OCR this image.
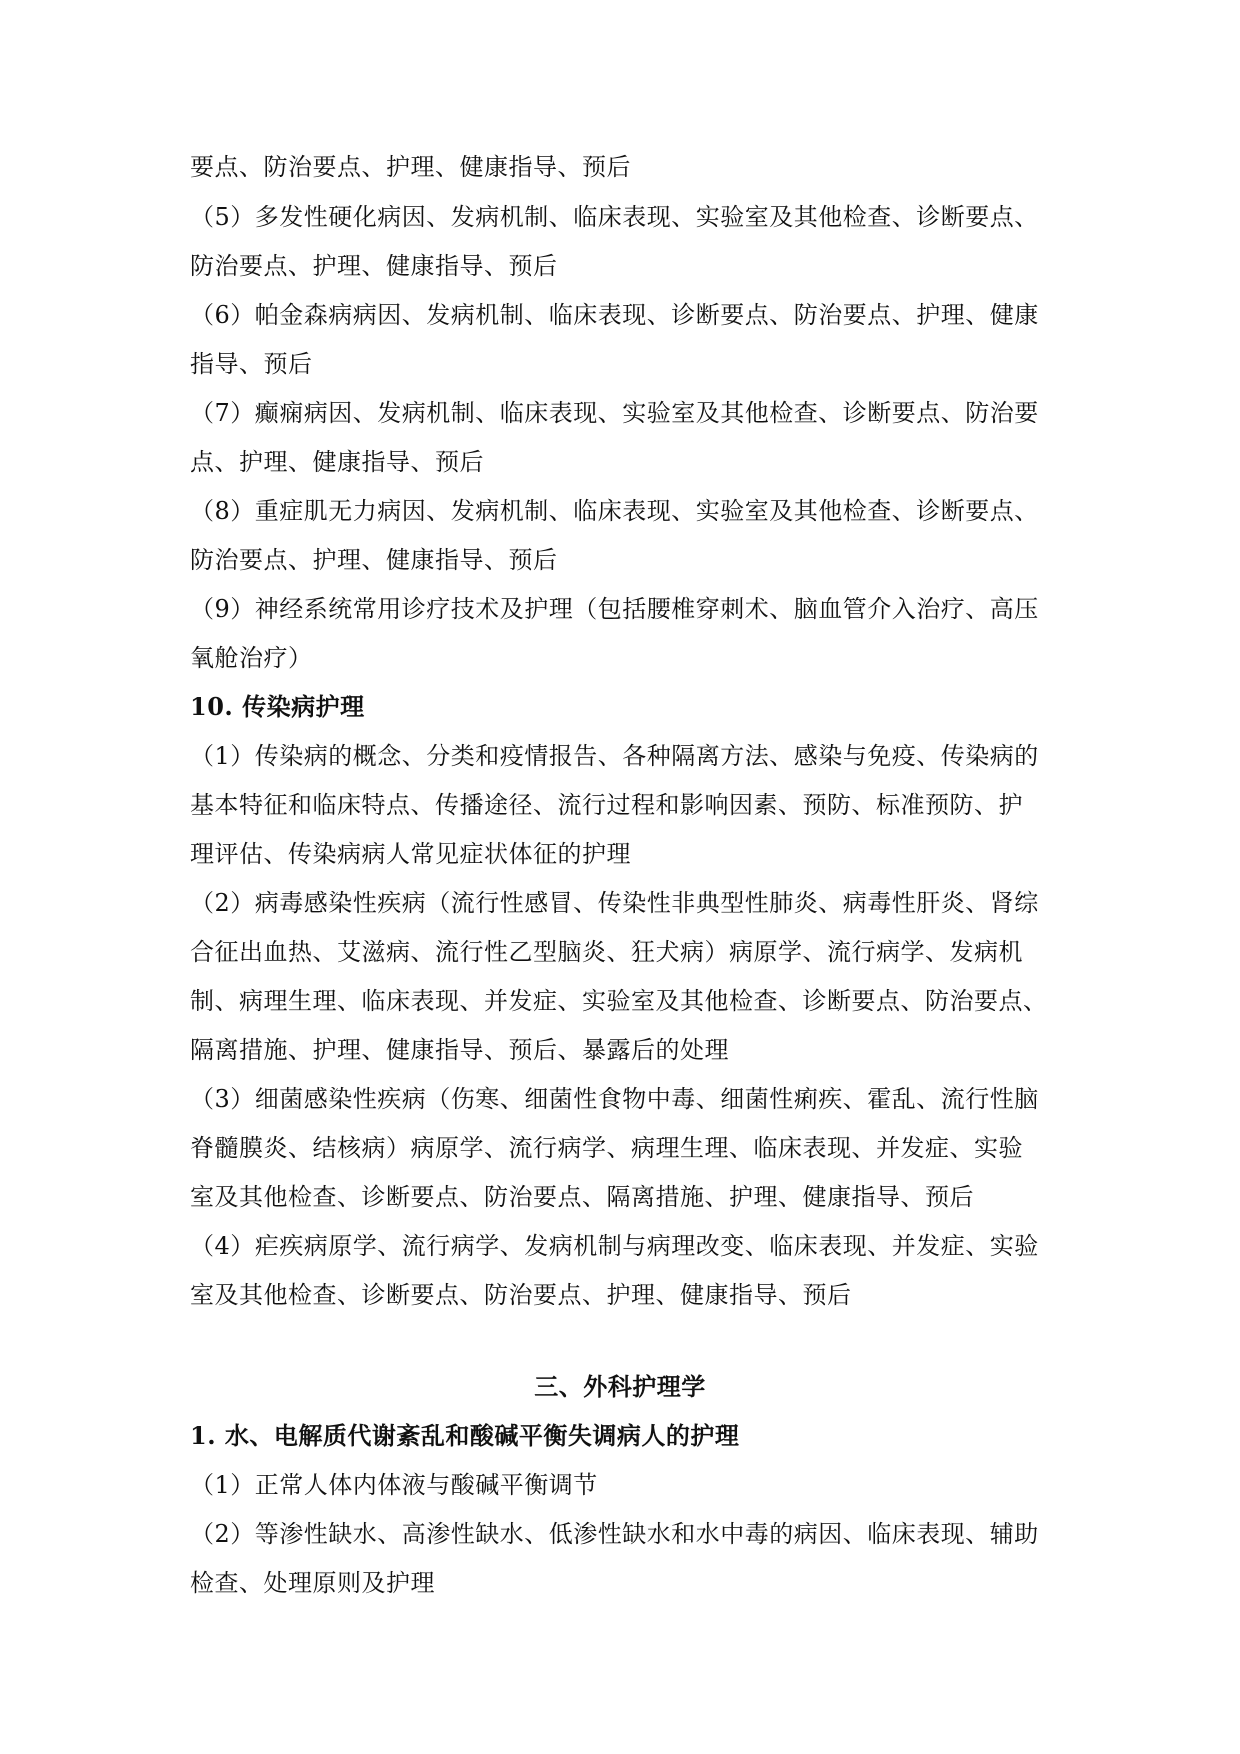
要点、防治要点、护理、健康指导、预后
（5）多发性硬化病因、发病机制、临床表现、实验室及其他检查、诊断要点、
防治要点、护理、健康指导、预后
（6）帕金森病病因、发病机制、临床表现、诊断要点、防治要点、护理、健康
指导、预后
（7）癫痫病因、发病机制、临床表现、实验室及其他检查、诊断要点、防治要
点、护理、健康指导、预后
（8）重症肌无力病因、发病机制、临床表现、实验室及其他检查、诊断要点、
防治要点、护理、健康指导、预后
（9）神经系统常用诊疗技术及护理（包括腰椎穿刺术、脑血管介入治疗、高压
氧舱治疗）
10. 传染病护理
（1）传染病的概念、分类和疫情报告、各种隔离方法、感染与免疫、传染病的
基本特征和临床特点、传播途径、流行过程和影响因素、预防、标准预防、护
理评估、传染病病人常见症状体征的护理
（2）病毒感染性疾病（流行性感冒、传染性非典型性肺炎、病毒性肝炎、肾综
合征出血热、艾滋病、流行性乙型脑炎、狂犬病）病原学、流行病学、发病机
制、病理生理、临床表现、并发症、实验室及其他检查、诊断要点、防治要点、
隔离措施、护理、健康指导、预后、暴露后的处理
（3）细菌感染性疾病（伤寒、细菌性食物中毒、细菌性痢疾、霍乱、流行性脑
脊髓膜炎、结核病）病原学、流行病学、病理生理、临床表现、并发症、实验
室及其他检查、诊断要点、防治要点、隔离措施、护理、健康指导、预后
（4）疟疾病原学、流行病学、发病机制与病理改变、临床表现、并发症、实验
室及其他检查、诊断要点、防治要点、护理、健康指导、预后
三、外科护理学
1. 水、电解质代谢紊乱和酸碱平衡失调病人的护理
（1）正常人体内体液与酸碱平衡调节
（2）等渗性缺水、高渗性缺水、低渗性缺水和水中毒的病因、临床表现、辅助
检查、处理原则及护理
